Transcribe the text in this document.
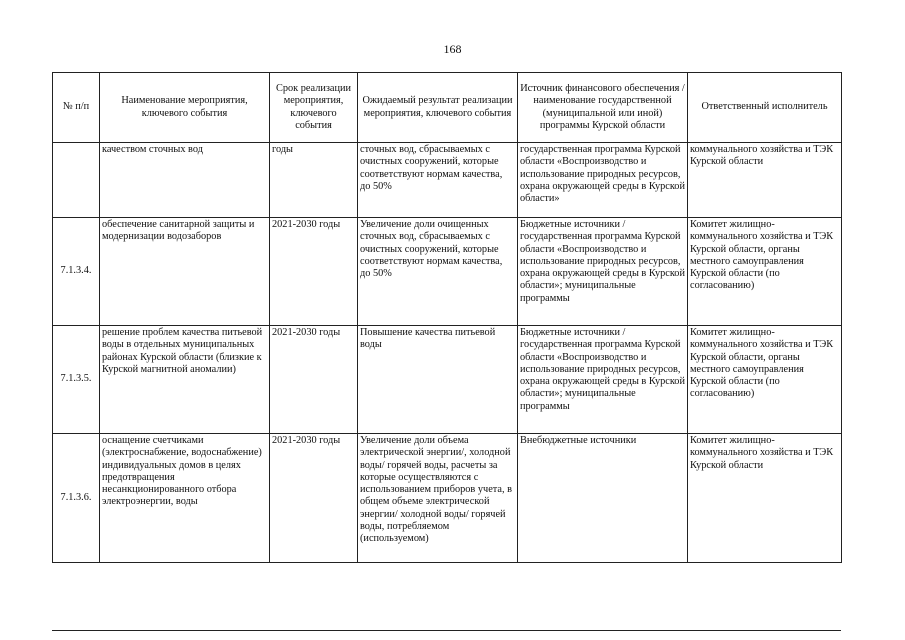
168
№ п/п	Наименование мероприятия, ключевого события	Срок реализации мероприятия, ключевого события	Ожидаемый результат реализации мероприятия, ключевого события	Источник финансового обеспечения / наименование государственной (муниципальной или иной) программы Курской области	Ответственный исполнитель
	качеством сточных вод	годы	сточных вод, сбрасываемых с очистных сооружений, которые соответствуют нормам качества, до 50%	государственная программа Курской области «Воспроизводство и использование природных ресурсов, охрана окружающей среды в Курской области»	коммунального хозяйства и ТЭК Курской области
7.1.3.4.	обеспечение санитарной защиты и модернизации водозаборов	2021-2030 годы	Увеличение доли очищенных сточных вод, сбрасываемых с очистных сооружений, которые соответствуют нормам качества, до 50%	Бюджетные источники / государственная программа Курской области «Воспроизводство и использование природных ресурсов, охрана окружающей среды в Курской области»; муниципальные программы	Комитет жилищно-коммунального хозяйства и ТЭК Курской области, органы местного самоуправления Курской области (по согласованию)
7.1.3.5.	решение проблем качества питьевой воды в отдельных муниципальных районах Курской области (близкие к Курской магнитной аномалии)	2021-2030 годы	Повышение качества питьевой воды	Бюджетные источники / государственная программа Курской области «Воспроизводство и использование природных ресурсов, охрана окружающей среды в Курской области»; муниципальные программы	Комитет жилищно-коммунального хозяйства и ТЭК Курской области, органы местного самоуправления Курской области (по согласованию)
7.1.3.6.	оснащение счетчиками (электроснабжение, водоснабжение) индивидуальных домов в целях предотвращения несанкционированного отбора электроэнергии, воды	2021-2030 годы	Увеличение доли объема электрической энергии/, холодной воды/ горячей воды, расчеты за которые осуществляются с использованием приборов учета, в общем объеме электрической энергии/ холодной воды/ горячей воды, потребляемом (используемом)	Внебюджетные источники	Комитет жилищно-коммунального хозяйства и ТЭК Курской области
